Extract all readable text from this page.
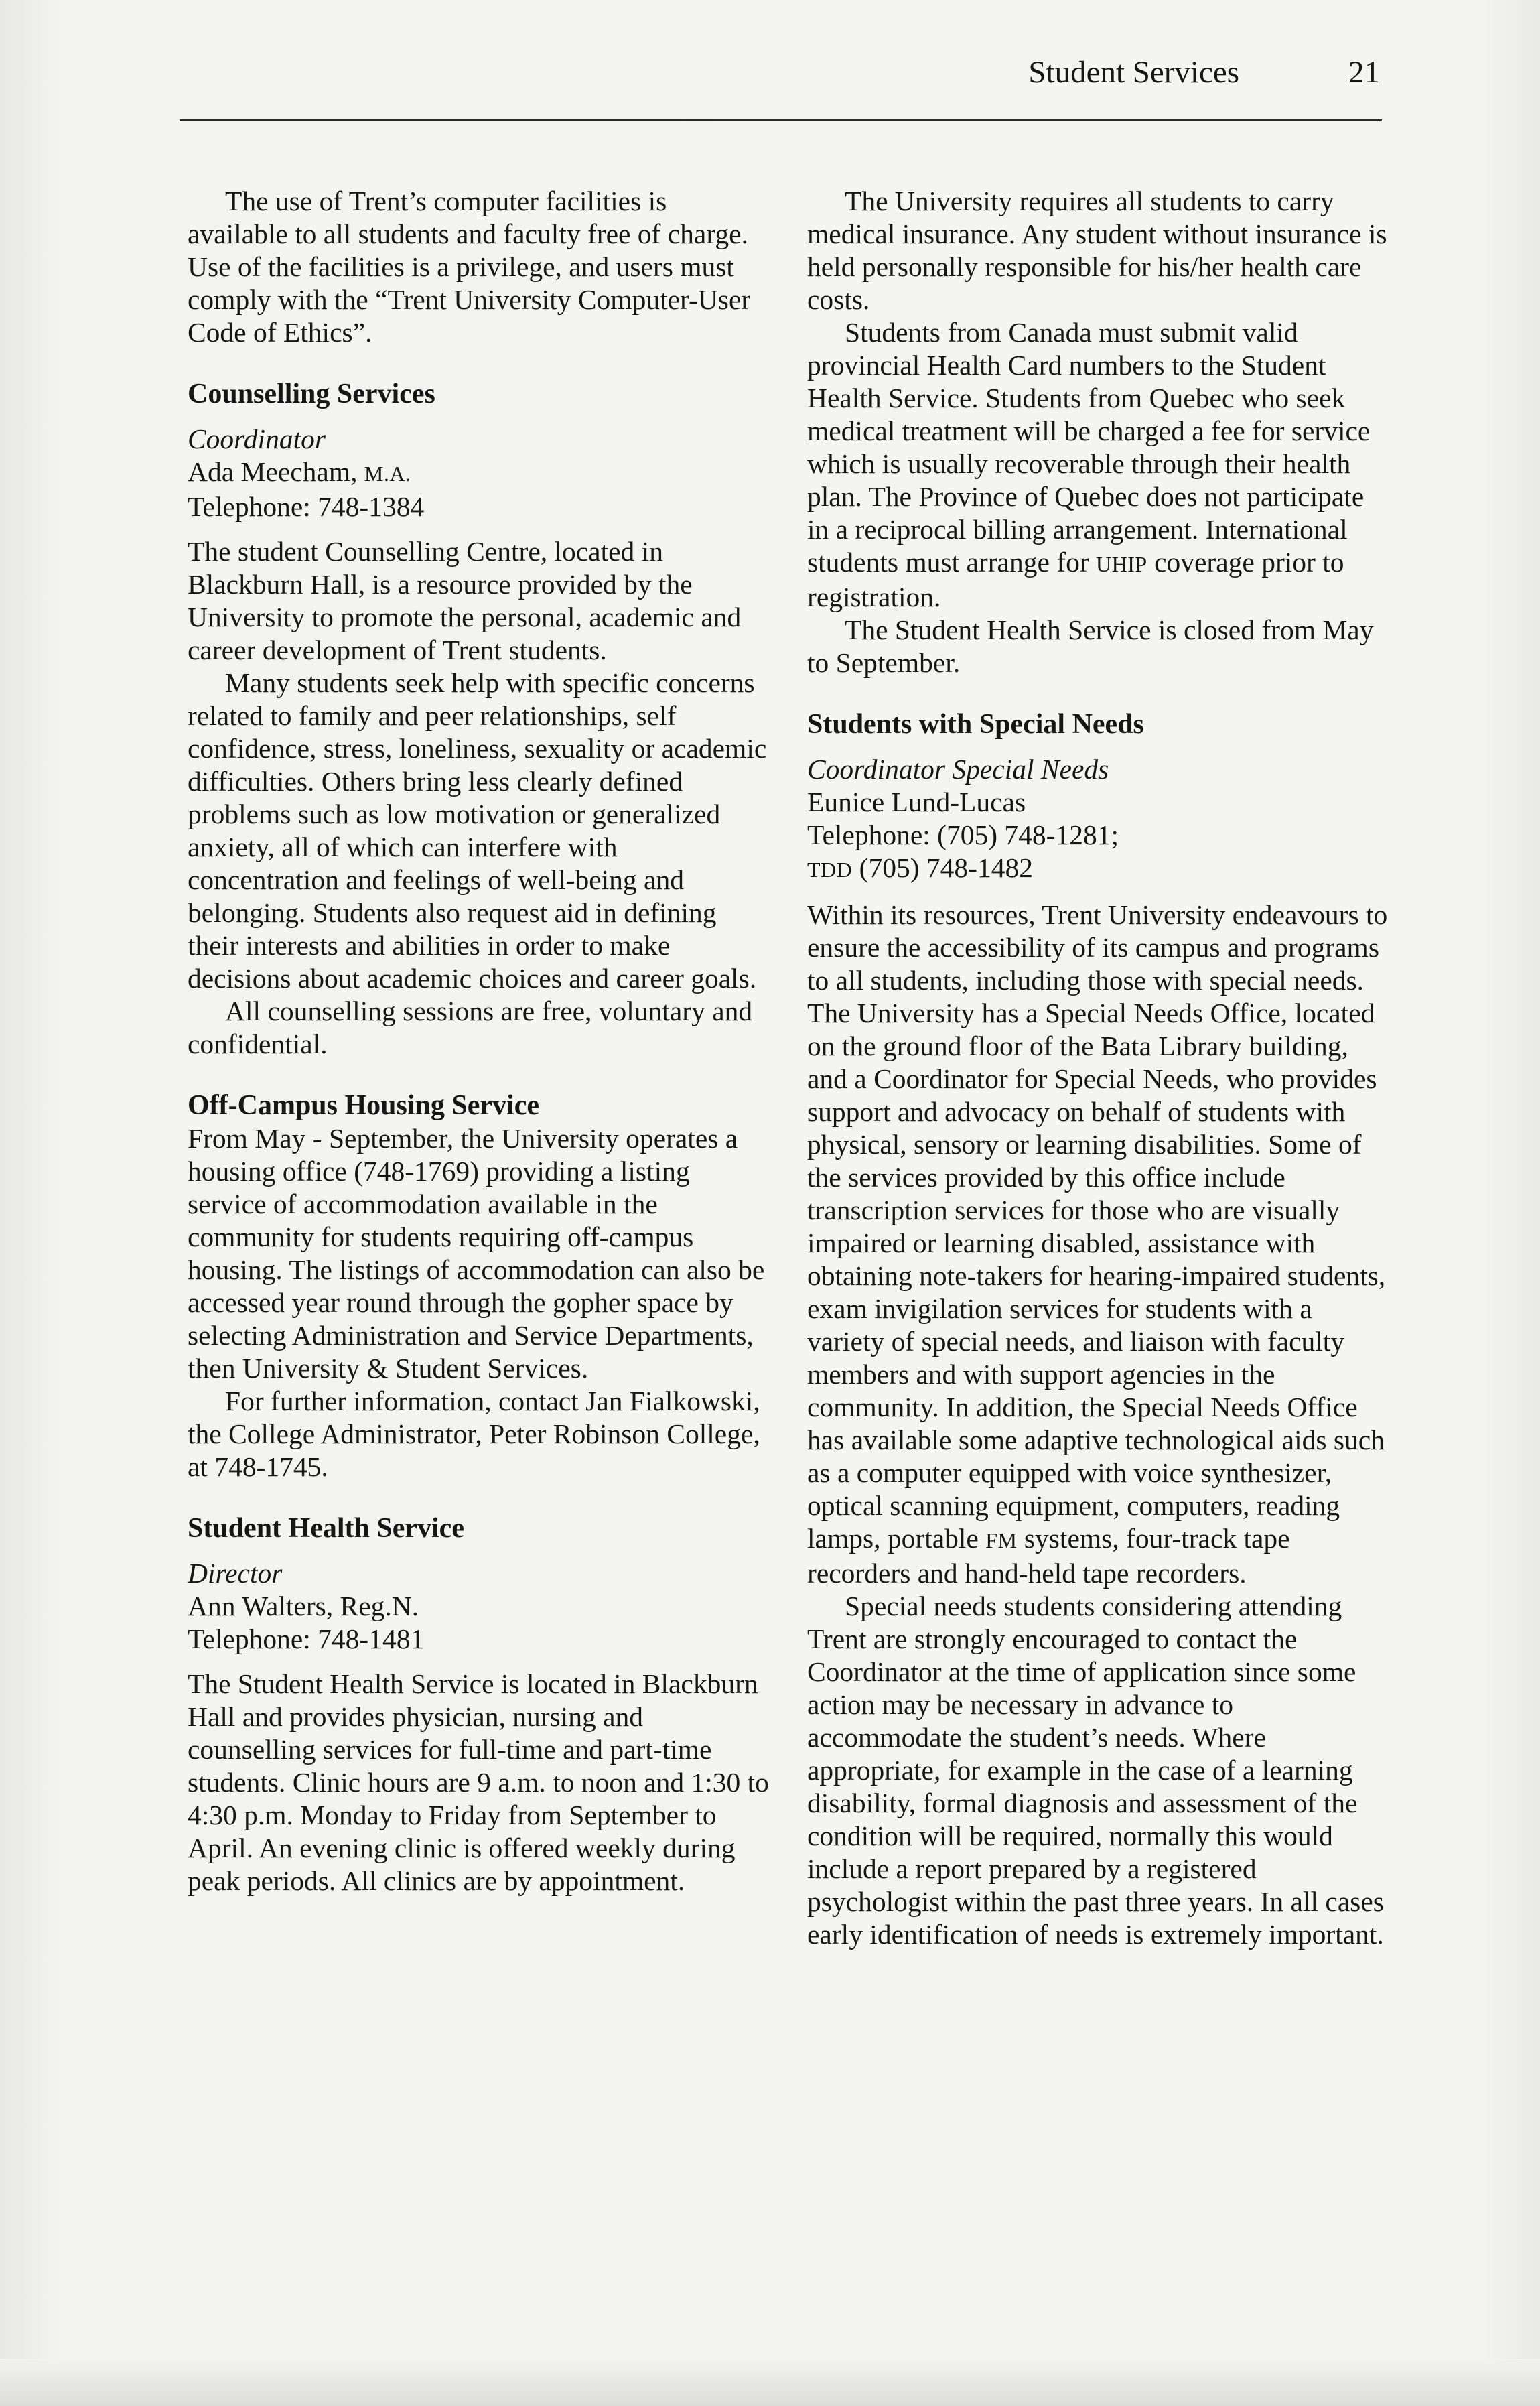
Student Services	21

The use of Trent’s computer facilities is available to all students and faculty free of charge. Use of the facilities is a privilege, and users must comply with the “Trent University Computer-User Code of Ethics”.

Counselling Services

Coordinator

Ada Meecham, M.A.

Telephone: 748-1384

The student Counselling Centre, located in Blackburn Hall, is a resource provided by the University to promote the personal, academic and career development of Trent students.

Many students seek help with specific concerns related to family and peer relationships, self confidence, stress, loneliness, sexuality or academic difficulties. Others bring less clearly defined problems such as low motivation or generalized anxiety, all of which can interfere with concentration and feelings of well-being and belonging. Students also request aid in defining their interests and abilities in order to make decisions about academic choices and career goals.

All counselling sessions are free, voluntary and confidential.

Off-Campus Housing Service

From May - September, the University operates a housing office (748-1769) providing a listing service of accommodation available in the community for students requiring off-campus housing. The listings of accommodation can also be accessed year round through the gopher space by selecting Administration and Service Departments, then University & Student Services.

For further information, contact Jan Fialkowski, the College Administrator, Peter Robinson College, at 748-1745.

Student Health Service

Director

Ann Walters, Reg.N.

Telephone: 748-1481

The Student Health Service is located in Blackburn Hall and provides physician, nursing and counselling services for full-time and part-time students. Clinic hours are 9 a.m. to noon and 1:30 to 4:30 p.m. Monday to Friday from September to April. An evening clinic is offered weekly during peak periods. All clinics are by appointment.

The University requires all students to carry medical insurance. Any student without insurance is held personally responsible for his/her health care costs.

Students from Canada must submit valid provincial Health Card numbers to the Student Health Service. Students from Quebec who seek medical treatment will be charged a fee for service which is usually recoverable through their health plan. The Province of Quebec does not participate in a reciprocal billing arrangement. International students must arrange for UHIP coverage prior to registration.

The Student Health Service is closed from May to September.

Students with Special Needs

Coordinator Special Needs

Eunice Lund-Lucas

Telephone: (705) 748-1281;

TDD (705) 748-1482

Within its resources, Trent University endeavours to ensure the accessibility of its campus and programs to all students, including those with special needs. The University has a Special Needs Office, located on the ground floor of the Bata Library building, and a Coordinator for Special Needs, who provides support and advocacy on behalf of students with physical, sensory or learning disabilities. Some of the services provided by this office include transcription services for those who are visually impaired or learning disabled, assistance with obtaining note-takers for hearing-impaired students, exam invigilation services for students with a variety of special needs, and liaison with faculty members and with support agencies in the community. In addition, the Special Needs Office has available some adaptive technological aids such as a computer equipped with voice synthesizer, optical scanning equipment, computers, reading lamps, portable FM systems, four-track tape recorders and hand-held tape recorders.

Special needs students considering attending Trent are strongly encouraged to contact the Coordinator at the time of application since some action may be necessary in advance to accommodate the student’s needs. Where appropriate, for example in the case of a learning disability, formal diagnosis and assessment of the condition will be required, normally this would include a report prepared by a registered psychologist within the past three years. In all cases early identification of needs is extremely important.
